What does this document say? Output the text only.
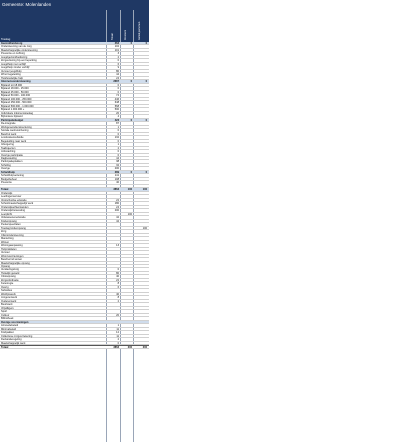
Gemeente: Molenlanden
Toeslag	Totaal	Inwoners	Aantal personen
Gezondheidszorg	464	0	0
Ondersteuning van de zorg	102
Maatschappelijke ondersteuning	101
Preventie en zelfzorg	3
Jeugdgezondheidszorg	2
Zorgverlening bij een beperking	0
Jeugdhulp met verblijf	6
Jeugdhulp zonder verblijf	9
Vervoer jeugdhulp	80
Wmo begeleiding	44
Huishoudelijke hulp	24
Inkomensondersteuning	2687	0	0
Bijstand tot 18.000	0
Bijstand 18.000 - 25.000	0
Bijstand 25.000 - 50.000	0
Bijstand 50.000 - 100.000	74
Bijstand 100.000 - 250.000	446
Bijstand 250.000 - 500.000	648
Bijstand 500.000 - 1.000.000	568
Bijstand 1.000.000 +	500
Individuele inkomenstoeslag	20
Bijzondere bijstand	4
Participatiebudget	423	0	0
Re-integratie	87
Werkgeversdienstverlening	1
Sociale werkvoorziening	0
Beschut werk	0
Loonkostensubsidie	132
Begeleiding naar werk	0
Inburgering	1
Taaltrajecten	2
Jobcoaching	0
Overige participatie	0
Dagbesteding	44
Participatieplekken	38
Scholing	32
Overige	200
Schuldhulp	289	0	0
Schuldhulpverlening	141
Budgetbeheer	108
Preventie	40
Totaal	3863	100	100
Onderwijs
Leerlingenvervoer
Voorschoolse educatie	22
Schoolmaatschappelijk werk	180
Onderwijsachterstanden	24
Onderwijshuisvesting	200
Leerplicht	100
Volwasseneneducatie	42
Kinderopvang	42
Peuterspeelzalen
Toeslag kinderopvang	100
Zorg
Cliëntondersteuning
Mantelzorg
Wonen
Woningaanpassing	13
Hulpmiddelen
Vervoer
Woonvoorzieningen
Beschermd wonen
Maatschappelijke opvang
Opvang
Verslavingszorg	0
Huiselijk geweld	80
Crisisopvang	40
Zorgcoördinatie	22
Ketenregie	8
Overig	6
Subsidies
Welzijnswerk	40
Jongerenwerk	8
Ouderenwerk	2
Buurtwerk
Vrijwilligers
Sport
Cultuur	20
Bibliotheek
Overige voorzieningen
Armoedebeleid	1
Minimabeleid	11
Kindpakket	12
Collectieve zorgverzekering	11
Declaratieregeling	2
Maatschappelijk werk	0
Totaal	3863	200	200
